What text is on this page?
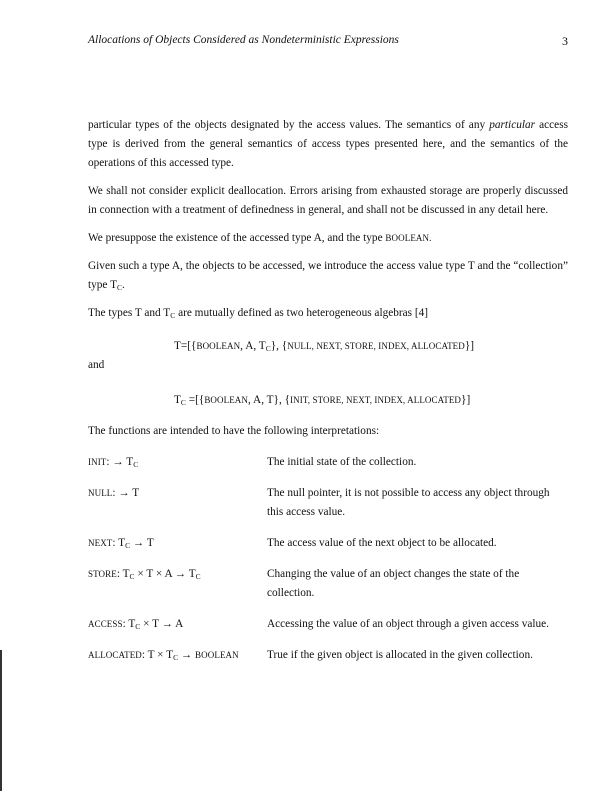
Allocations of Objects Considered as Nondeterministic Expressions	3

particular types of the objects designated by the access values. The semantics of any particular access type is derived from the general semantics of access types presented here, and the semantics of the operations of this accessed type.

We shall not consider explicit deallocation. Errors arising from exhausted storage are properly discussed in connection with a treatment of definedness in general, and shall not be discussed in any detail here.

We presuppose the existence of the accessed type A, and the type BOOLEAN.

Given such a type A, the objects to be accessed, we introduce the access value type T and the “collection” type $T_C$.

The types T and $T_C$ are mutually defined as two heterogeneous algebras [4]

T=[{BOOLEAN, A, $T_C$}, {NULL, NEXT, STORE, INDEX, ALLOCATED}]

and

$T_C$ =[{BOOLEAN, A, T}, {INIT, STORE, NEXT, INDEX, ALLOCATED}]

The functions are intended to have the following interpretations:

INIT: → $T_C$	The initial state of the collection.
NULL: → T	The null pointer, it is not possible to access any object through this access value.
NEXT: $T_C \to T$	The access value of the next object to be allocated.
STORE: $T_C \times T \times A \to T_C$	Changing the value of an object changes the state of the collection.
ACCESS: $T_C \times T \to A$	Accessing the value of an object through a given access value.
ALLOCATED: $T \times T_C$ → BOOLEAN	True if the given object is allocated in the given collection.
